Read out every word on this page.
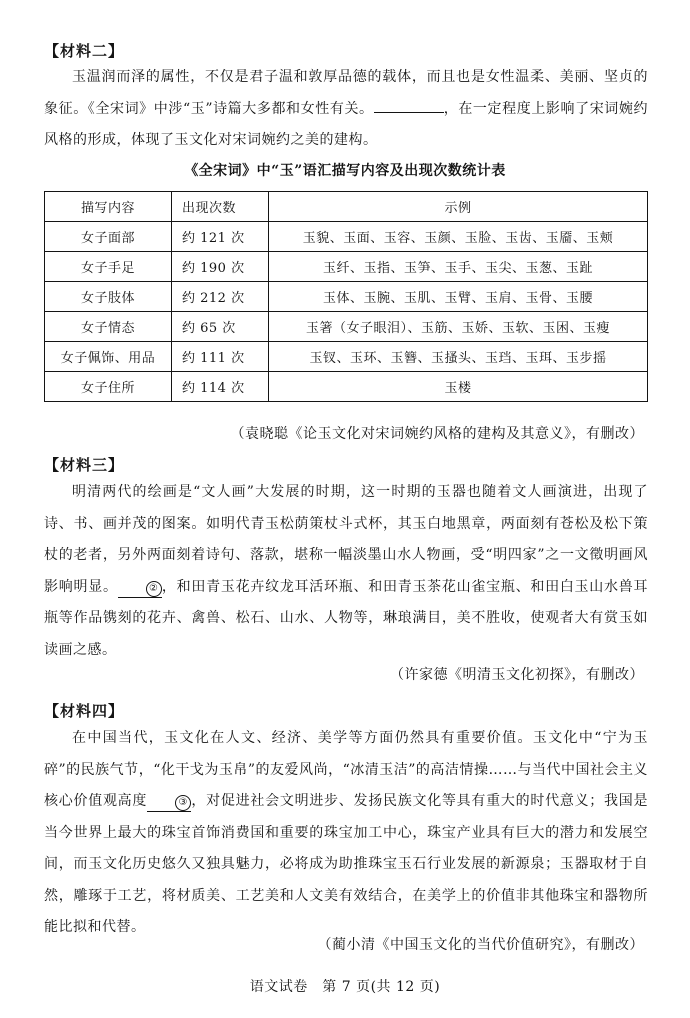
【材料二】
玉温润而泽的属性，不仅是君子温和敦厚品德的载体，而且也是女性温柔、美丽、坚贞的象征。《全宋词》中涉“玉”诗篇大多都和女性有关。	，在一定程度上影响了宋词婉约风格的形成，体现了玉文化对宋词婉约之美的建构。
《全宋词》中“玉”语汇描写内容及出现次数统计表
描写内容	出现次数	示例
女子面部	约 121 次	玉貌、玉面、玉容、玉颜、玉脸、玉齿、玉靥、玉颊
女子手足	约 190 次	玉纤、玉指、玉笋、玉手、玉尖、玉葱、玉趾
女子肢体	约 212 次	玉体、玉腕、玉肌、玉臂、玉肩、玉骨、玉腰
女子情态	约 65 次	玉箸（女子眼泪）、玉筋、玉娇、玉软、玉困、玉瘦
女子佩饰、用品	约 111 次	玉钗、玉环、玉簪、玉搔头、玉珰、玉珥、玉步摇
女子住所	约 114 次	玉楼
（袁晓聪《论玉文化对宋词婉约风格的建构及其意义》，有删改）
【材料三】
明清两代的绘画是“文人画”大发展的时期，这一时期的玉器也随着文人画演进，出现了诗、书、画并茂的图案。如明代青玉松荫策杖斗式杯，其玉白地黑章，两面刻有苍松及松下策杖的老者，另外两面刻着诗句、落款，堪称一幅淡墨山水人物画，受“明四家”之一文徵明画风影响明显。	② ，和田青玉花卉纹龙耳活环瓶、和田青玉茶花山雀宝瓶、和田白玉山水兽耳瓶等作品镌刻的花卉、禽兽、松石、山水、人物等，琳琅满目，美不胜收，使观者大有赏玉如读画之感。
（许家德《明清玉文化初探》，有删改）
【材料四】
在中国当代，玉文化在人文、经济、美学等方面仍然具有重要价值。玉文化中“宁为玉碎”的民族气节，“化干戈为玉帛”的友爱风尚，“冰清玉洁”的高洁情操……与当代中国社会主义核心价值观高度	③ ，对促进社会文明进步、发扬民族文化等具有重大的时代意义；我国是当今世界上最大的珠宝首饰消费国和重要的珠宝加工中心，珠宝产业具有巨大的潜力和发展空间，而玉文化历史悠久又独具魅力，必将成为助推珠宝玉石行业发展的新源泉；玉器取材于自然，雕琢于工艺，将材质美、工艺美和人文美有效结合，在美学上的价值非其他珠宝和器物所能比拟和代替。
（蔺小清《中国玉文化的当代价值研究》，有删改）
语文试卷　第 7 页(共 12 页)
